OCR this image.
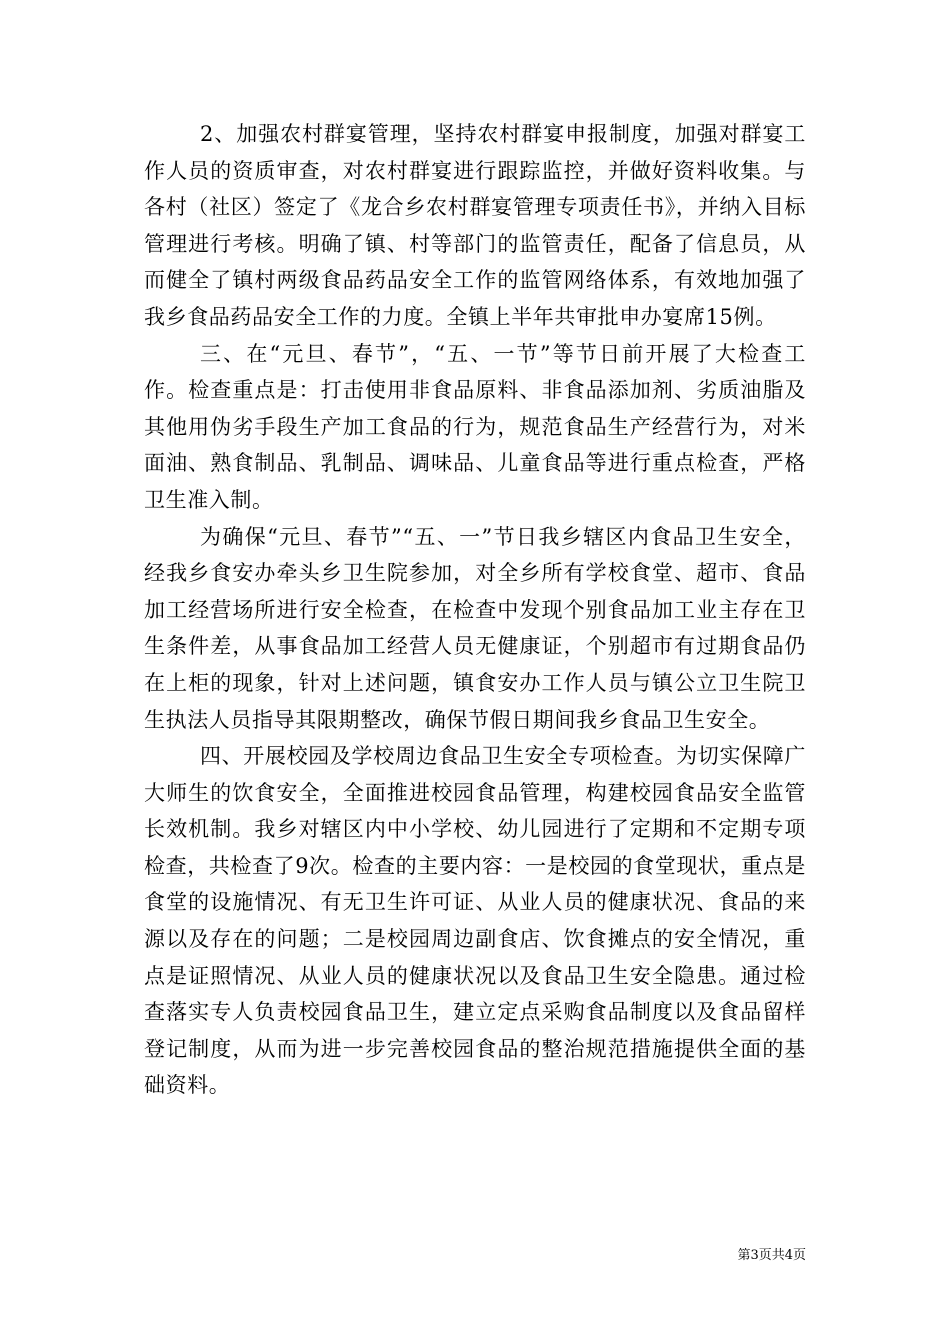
2、加强农村群宴管理，坚持农村群宴申报制度，加强对群宴工作人员的资质审查，对农村群宴进行跟踪监控，并做好资料收集。与各村（社区）签定了《龙合乡农村群宴管理专项责任书》，并纳入目标管理进行考核。明确了镇、村等部门的监管责任，配备了信息员，从而健全了镇村两级食品药品安全工作的监管网络体系，有效地加强了我乡食品药品安全工作的力度。全镇上半年共审批申办宴席15例。

三、在“元旦、春节”，“五、一节”等节日前开展了大检查工作。检查重点是：打击使用非食品原料、非食品添加剂、劣质油脂及其他用伪劣手段生产加工食品的行为，规范食品生产经营行为，对米面油、熟食制品、乳制品、调味品、儿童食品等进行重点检查，严格卫生准入制。

为确保“元旦、春节”“五、一”节日我乡辖区内食品卫生安全，经我乡食安办牵头乡卫生院参加，对全乡所有学校食堂、超市、食品加工经营场所进行安全检查，在检查中发现个别食品加工业主存在卫生条件差，从事食品加工经营人员无健康证，个别超市有过期食品仍在上柜的现象，针对上述问题，镇食安办工作人员与镇公立卫生院卫生执法人员指导其限期整改，确保节假日期间我乡食品卫生安全。

四、开展校园及学校周边食品卫生安全专项检查。为切实保障广大师生的饮食安全，全面推进校园食品管理，构建校园食品安全监管长效机制。我乡对辖区内中小学校、幼儿园进行了定期和不定期专项检查，共检查了9次。检查的主要内容：一是校园的食堂现状，重点是食堂的设施情况、有无卫生许可证、从业人员的健康状况、食品的来源以及存在的问题；二是校园周边副食店、饮食摊点的安全情况，重点是证照情况、从业人员的健康状况以及食品卫生安全隐患。通过检查落实专人负责校园食品卫生，建立定点采购食品制度以及食品留样登记制度，从而为进一步完善校园食品的整治规范措施提供全面的基础资料。

第3页共4页
